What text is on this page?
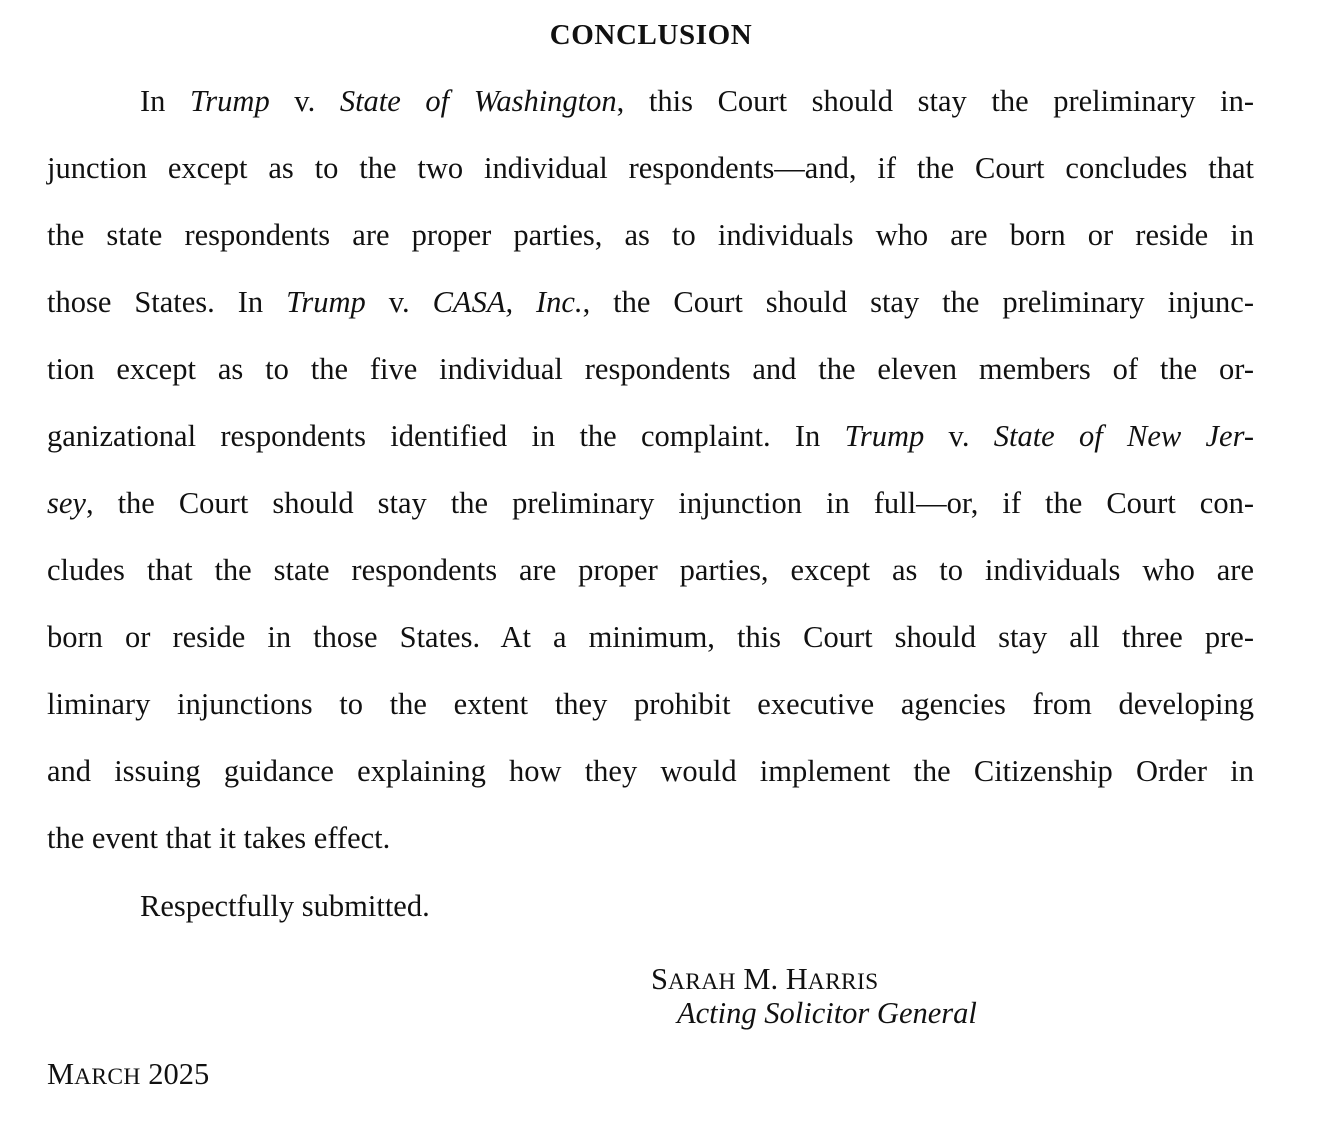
CONCLUSION
In Trump v. State of Washington, this Court should stay the preliminary in-
junction except as to the two individual respondents—and, if the Court concludes that
the state respondents are proper parties, as to individuals who are born or reside in
those States. In Trump v. CASA, Inc., the Court should stay the preliminary injunc-
tion except as to the five individual respondents and the eleven members of the or-
ganizational respondents identified in the complaint. In Trump v. State of New Jer-
sey, the Court should stay the preliminary injunction in full—or, if the Court con-
cludes that the state respondents are proper parties, except as to individuals who are
born or reside in those States. At a minimum, this Court should stay all three pre-
liminary injunctions to the extent they prohibit executive agencies from developing
and issuing guidance explaining how they would implement the Citizenship Order in
the event that it takes effect.
Respectfully submitted.
SARAH M. HARRIS
Acting Solicitor General
MARCH 2025
